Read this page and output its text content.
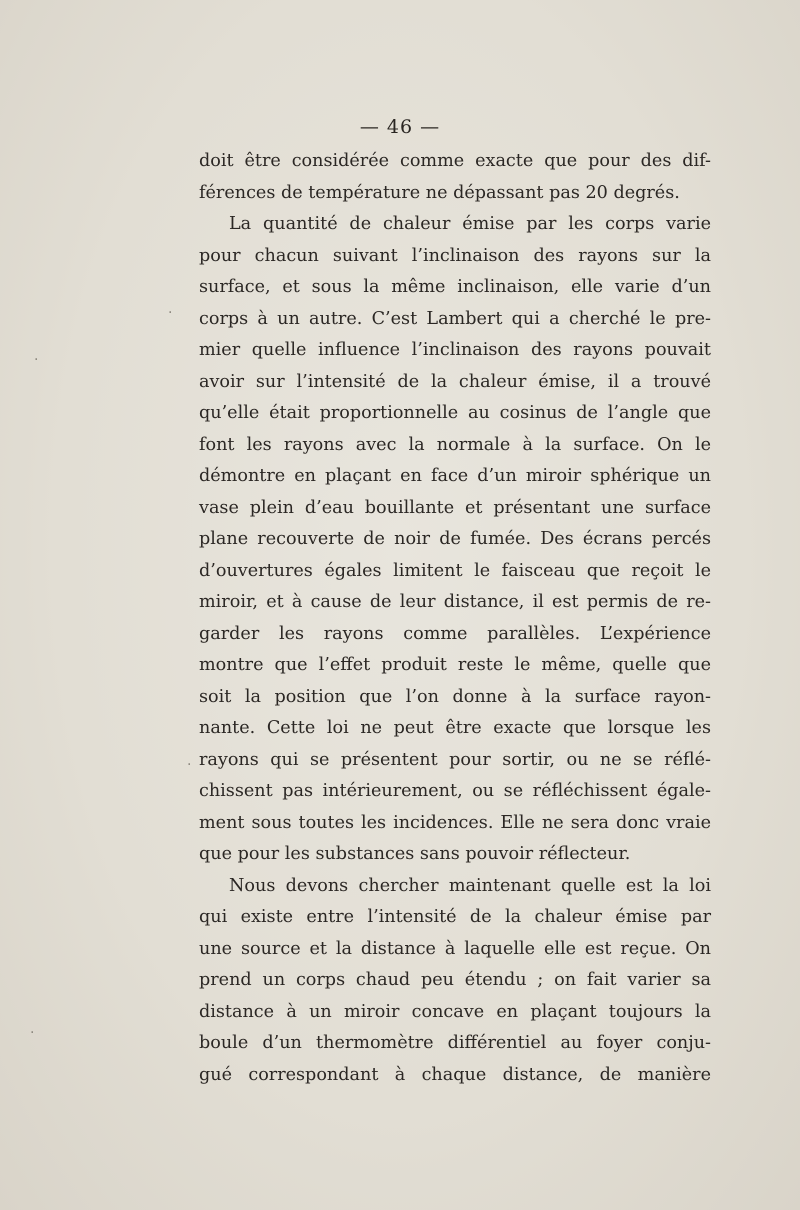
— 46 —
doit être considérée comme exacte que pour des dif-
férences de température ne dépassant pas 20 degrés.
La quantité de chaleur émise par les corps varie
pour chacun suivant l’inclinaison des rayons sur la
surface, et sous la même inclinaison, elle varie d’un
corps à un autre. C’est Lambert qui a cherché le pre-
mier quelle influence l’inclinaison des rayons pouvait
avoir sur l’intensité de la chaleur émise, il a trouvé
qu’elle était proportionnelle au cosinus de l’angle que
font les rayons avec la normale à la surface. On le
démontre en plaçant en face d’un miroir sphérique un
vase plein d’eau bouillante et présentant une surface
plane recouverte de noir de fumée. Des écrans percés
d’ouvertures égales limitent le faisceau que reçoit le
miroir, et à cause de leur distance, il est permis de re-
garder les rayons comme parallèles. L’expérience
montre que l’effet produit reste le même, quelle que
soit la position que l’on donne à la surface rayon-
nante. Cette loi ne peut être exacte que lorsque les
rayons qui se présentent pour sortir, ou ne se réflé-
chissent pas intérieurement, ou se réfléchissent égale-
ment sous toutes les incidences. Elle ne sera donc vraie
que pour les substances sans pouvoir réflecteur.
Nous devons chercher maintenant quelle est la loi
qui existe entre l’intensité de la chaleur émise par
une source et la distance à laquelle elle est reçue. On
prend un corps chaud peu étendu ; on fait varier sa
distance à un miroir concave en plaçant toujours la
boule d’un thermomètre différentiel au foyer conju-
gué correspondant à chaque distance, de manière
·
·
·
·
